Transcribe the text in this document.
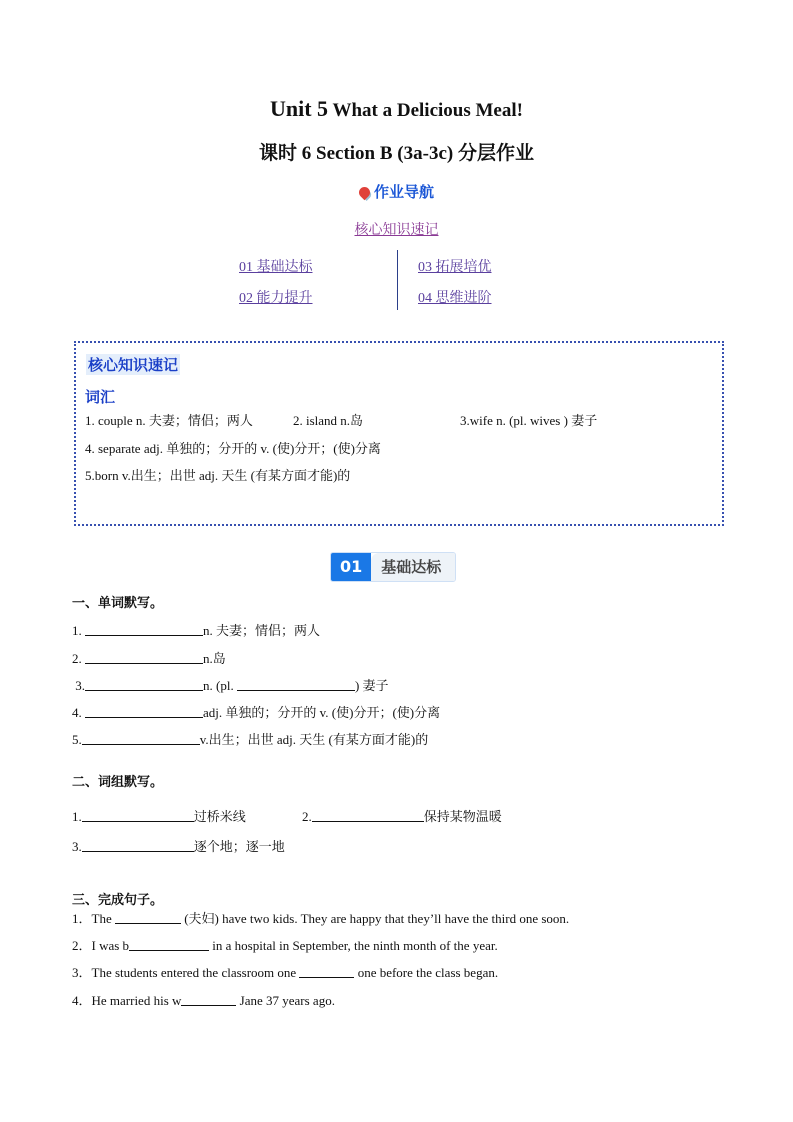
Unit 5 What a Delicious Meal!
课时 6 Section B (3a-3c) 分层作业
作业导航
核心知识速记
01 基础达标
02 能力提升
03 拓展培优
04 思维进阶
核心知识速记
词汇
1. couple n. 夫妻；情侣；两人	2. island n.岛	3.wife n. (pl. wives ) 妻子
4. separate adj. 单独的；分开的 v. (使)分开；(使)分离
5.born v.出生；出世 adj. 天生 (有某方面才能)的
01	基础达标
一、单词默写。
1.	n. 夫妻；情侣；两人
2.	n.岛
3.	n. (pl.	) 妻子
4.	adj. 单独的；分开的 v. (使)分开；(使)分离
5.	v.出生；出世 adj. 天生 (有某方面才能)的
二、词组默写。
1.	过桥米线	2.	保持某物温暖
3.	逐个地；逐一地
三、完成句子。
1．The	(夫妇) have two kids. They are happy that they’ll have the third one soon.
2．I was b	in a hospital in September, the ninth month of the year.
3．The students entered the classroom one	one before the class began.
4．He married his w	Jane 37 years ago.
